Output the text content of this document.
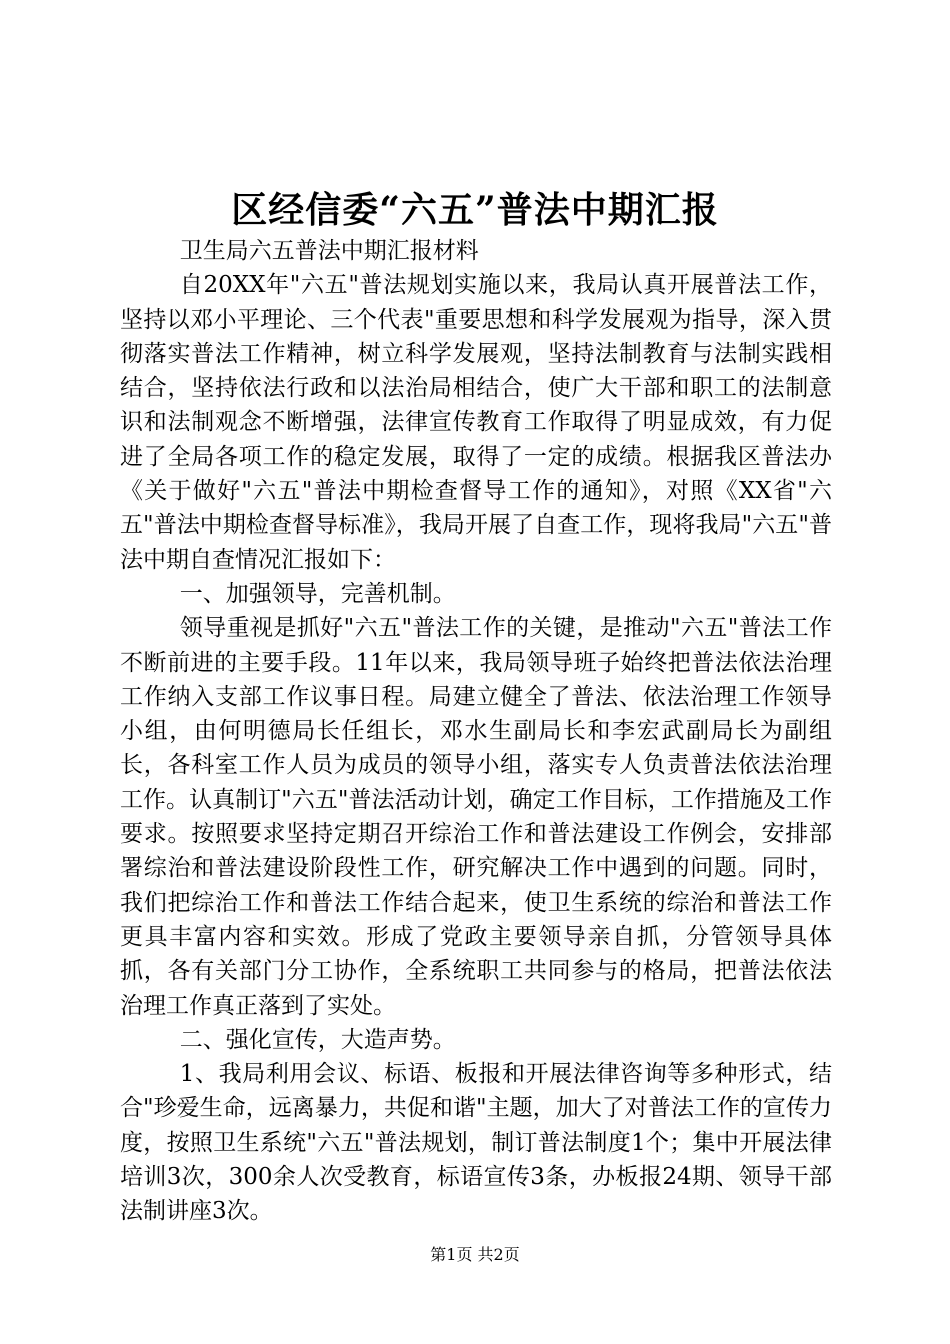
区经信委“六五”普法中期汇报

卫生局六五普法中期汇报材料

自20XX年"六五"普法规划实施以来，我局认真开展普法工作，坚持以邓小平理论、三个代表"重要思想和科学发展观为指导，深入贯彻落实普法工作精神，树立科学发展观，坚持法制教育与法制实践相结合，坚持依法行政和以法治局相结合，使广大干部和职工的法制意识和法制观念不断增强，法律宣传教育工作取得了明显成效，有力促进了全局各项工作的稳定发展，取得了一定的成绩。根据我区普法办《关于做好"六五"普法中期检查督导工作的通知》，对照《XX省"六五"普法中期检查督导标准》，我局开展了自查工作，现将我局"六五"普法中期自查情况汇报如下：

一、加强领导，完善机制。

领导重视是抓好"六五"普法工作的关键，是推动"六五"普法工作不断前进的主要手段。11年以来，我局领导班子始终把普法依法治理工作纳入支部工作议事日程。局建立健全了普法、依法治理工作领导小组，由何明德局长任组长，邓水生副局长和李宏武副局长为副组长，各科室工作人员为成员的领导小组，落实专人负责普法依法治理工作。认真制订"六五"普法活动计划，确定工作目标，工作措施及工作要求。按照要求坚持定期召开综治工作和普法建设工作例会，安排部署综治和普法建设阶段性工作，研究解决工作中遇到的问题。同时，我们把综治工作和普法工作结合起来，使卫生系统的综治和普法工作更具丰富内容和实效。形成了党政主要领导亲自抓，分管领导具体抓，各有关部门分工协作，全系统职工共同参与的格局，把普法依法治理工作真正落到了实处。

二、强化宣传，大造声势。

1、我局利用会议、标语、板报和开展法律咨询等多种形式，结合"珍爱生命，远离暴力，共促和谐"主题，加大了对普法工作的宣传力度，按照卫生系统"六五"普法规划，制订普法制度1个；集中开展法律培训3次，300余人次受教育，标语宣传3条，办板报24期、领导干部法制讲座3次。

第1页 共2页
